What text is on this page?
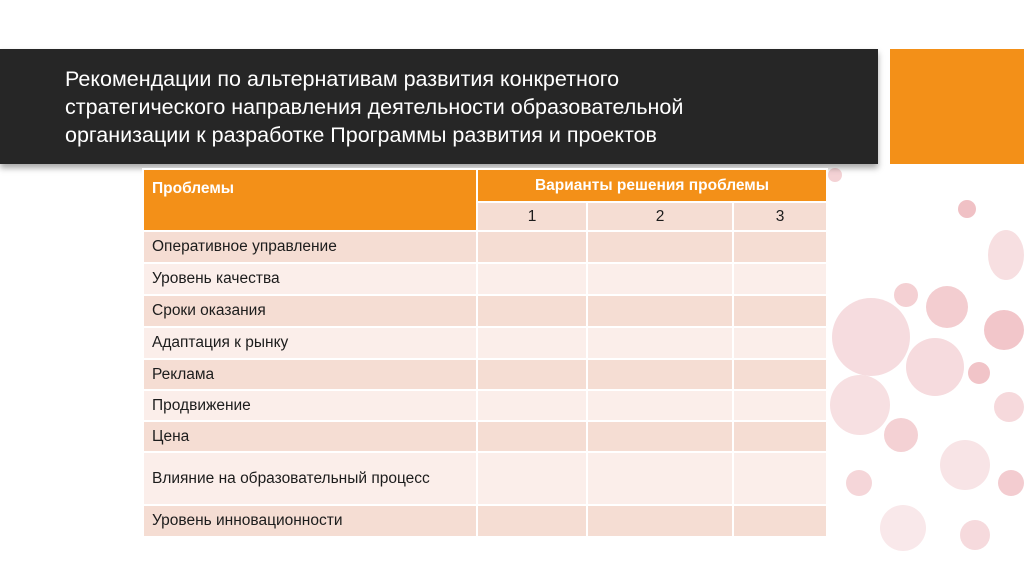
Рекомендации по альтернативам развития конкретного
стратегического направления деятельности образовательной
организации к разработке Программы развития и проектов
Проблемы	Варианты решения проблемы		
	1	2	3
Оперативное управление			
Уровень качества			
Сроки оказания			
Адаптация к рынку			
Реклама			
Продвижение			
Цена			
Влияние на образовательный процесс			
Уровень инновационности			
